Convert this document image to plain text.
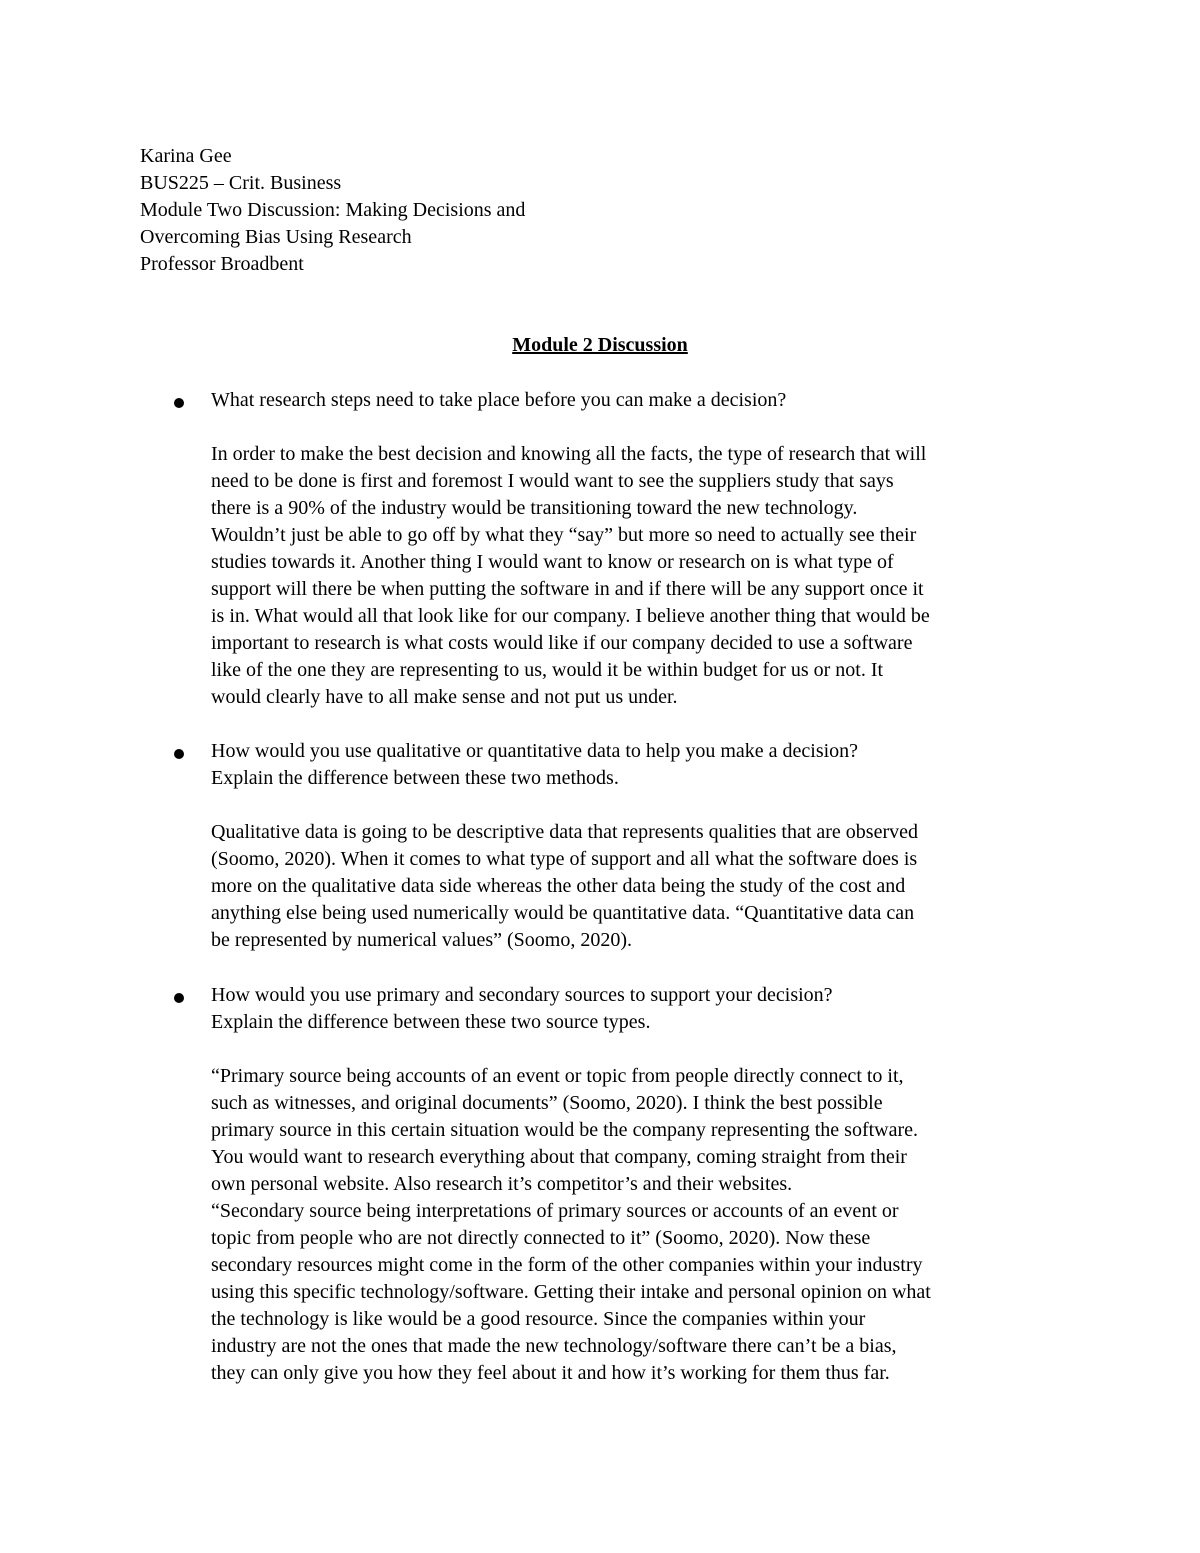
Karina Gee
BUS225 – Crit. Business
Module Two Discussion: Making Decisions and
Overcoming Bias Using Research
Professor Broadbent
Module 2 Discussion
What research steps need to take place before you can make a decision?
In order to make the best decision and knowing all the facts, the type of research that will
need to be done is first and foremost I would want to see the suppliers study that says
there is a 90% of the industry would be transitioning toward the new technology.
Wouldn’t just be able to go off by what they “say” but more so need to actually see their
studies towards it. Another thing I would want to know or research on is what type of
support will there be when putting the software in and if there will be any support once it
is in. What would all that look like for our company. I believe another thing that would be
important to research is what costs would like if our company decided to use a software
like of the one they are representing to us, would it be within budget for us or not. It
would clearly have to all make sense and not put us under.
How would you use qualitative or quantitative data to help you make a decision?
Explain the difference between these two methods.
Qualitative data is going to be descriptive data that represents qualities that are observed
(Soomo, 2020). When it comes to what type of support and all what the software does is
more on the qualitative data side whereas the other data being the study of the cost and
anything else being used numerically would be quantitative data. “Quantitative data can
be represented by numerical values” (Soomo, 2020).
How would you use primary and secondary sources to support your decision?
Explain the difference between these two source types.
“Primary source being accounts of an event or topic from people directly connect to it,
such as witnesses, and original documents” (Soomo, 2020). I think the best possible
primary source in this certain situation would be the company representing the software.
You would want to research everything about that company, coming straight from their
own personal website. Also research it’s competitor’s and their websites.
“Secondary source being interpretations of primary sources or accounts of an event or
topic from people who are not directly connected to it” (Soomo, 2020). Now these
secondary resources might come in the form of the other companies within your industry
using this specific technology/software. Getting their intake and personal opinion on what
the technology is like would be a good resource. Since the companies within your
industry are not the ones that made the new technology/software there can’t be a bias,
they can only give you how they feel about it and how it’s working for them thus far.
